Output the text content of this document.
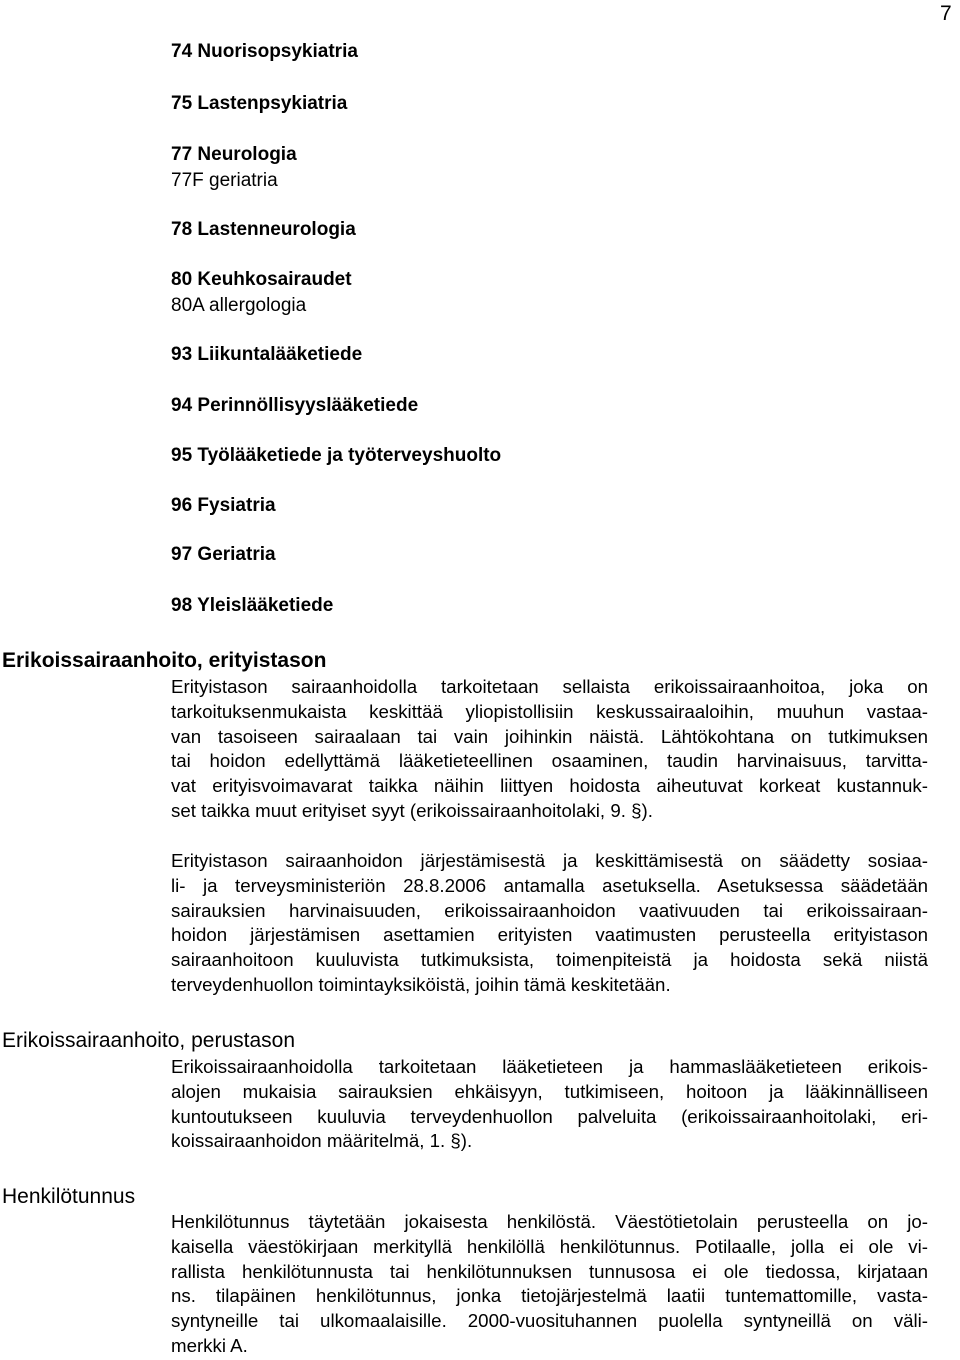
7
74 Nuorisopsykiatria
75 Lastenpsykiatria
77 Neurologia
77F geriatria
78 Lastenneurologia
80 Keuhkosairaudet
80A allergologia
93 Liikuntalääketiede
94 Perinnöllisyyslääketiede
95 Työlääketiede ja työterveyshuolto
96 Fysiatria
97 Geriatria
98 Yleislääketiede
Erikoissairaanhoito, erityistason
Erityistason sairaanhoidolla tarkoitetaan sellaista erikoissairaanhoitoa, joka on
tarkoituksenmukaista keskittää yliopistollisiin keskussairaaloihin, muuhun vastaa-
van tasoiseen sairaalaan tai vain joihinkin näistä. Lähtökohtana on tutkimuksen
tai hoidon edellyttämä lääketieteellinen osaaminen, taudin harvinaisuus, tarvitta-
vat erityisvoimavarat taikka näihin liittyen hoidosta aiheutuvat korkeat kustannuk-
set taikka muut erityiset syyt (erikoissairaanhoitolaki, 9. §).
Erityistason sairaanhoidon järjestämisestä ja keskittämisestä on säädetty sosiaa-
li- ja terveysministeriön 28.8.2006 antamalla asetuksella. Asetuksessa säädetään
sairauksien harvinaisuuden, erikoissairaanhoidon vaativuuden tai erikoissairaan-
hoidon järjestämisen asettamien erityisten vaatimusten perusteella erityistason
sairaanhoitoon kuuluvista tutkimuksista, toimenpiteistä ja hoidosta sekä niistä
terveydenhuollon toimintayksiköistä, joihin tämä keskitetään.
Erikoissairaanhoito, perustason
Erikoissairaanhoidolla tarkoitetaan lääketieteen ja hammaslääketieteen erikois-
alojen mukaisia sairauksien ehkäisyyn, tutkimiseen, hoitoon ja lääkinnälliseen
kuntoutukseen kuuluvia terveydenhuollon palveluita (erikoissairaanhoitolaki, eri-
koissairaanhoidon määritelmä, 1. §).
Henkilötunnus
Henkilötunnus täytetään jokaisesta henkilöstä. Väestötietolain perusteella on jo-
kaisella väestökirjaan merkityllä henkilöllä henkilötunnus. Potilaalle, jolla ei ole vi-
rallista henkilötunnusta tai henkilötunnuksen tunnusosa ei ole tiedossa, kirjataan
ns. tilapäinen henkilötunnus, jonka tietojärjestelmä laatii tuntemattomille, vasta-
syntyneille tai ulkomaalaisille. 2000-vuosituhannen puolella syntyneillä on väli-
merkki A.
